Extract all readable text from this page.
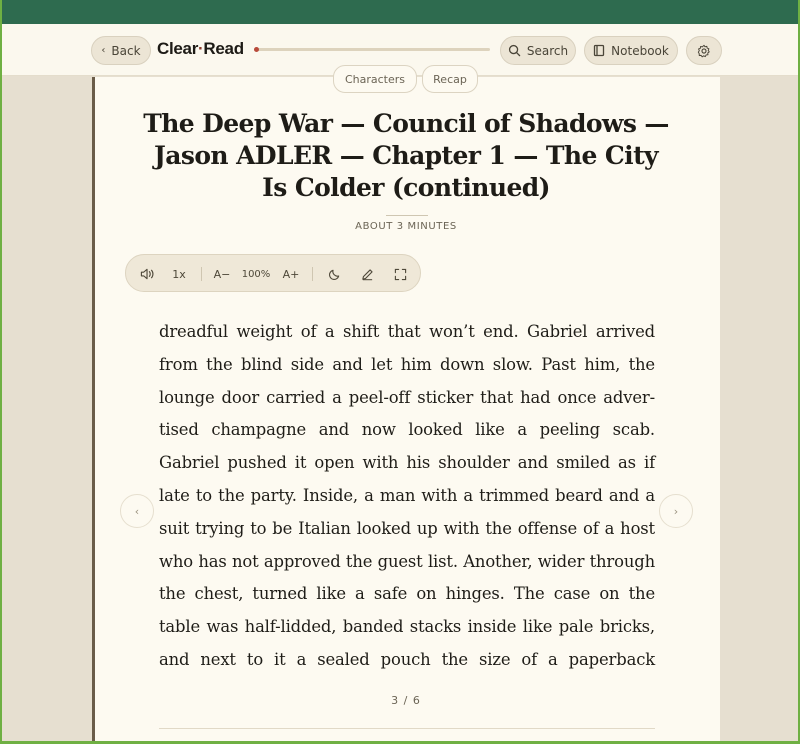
‹ Back Clear·Read	Search	Notebook
Characters	Recap
The Deep War — Council of Shadows — Jason ADLER — Chapter 1 — The City Is Colder (continued)
ABOUT 3 MINUTES
1x	A−	100%	A+

dreadful weight of a shift that won’t end. Gabriel arrived from the blind side and let him down slow. Past him, the lounge door carried a peel-off sticker that had once adver-tised champagne and now looked like a peeling scab. Gabriel pushed it open with his shoulder and smiled as if late to the party. Inside, a man with a trimmed beard and a suit trying to be Italian looked up with the offense of a host who has not approved the guest list. Another, wider through the chest, turned like a safe on hinges. The case on the table was half-lidded, banded stacks inside like pale bricks, and next to it a sealed pouch the size of a paperback

‹	›
3 / 6
